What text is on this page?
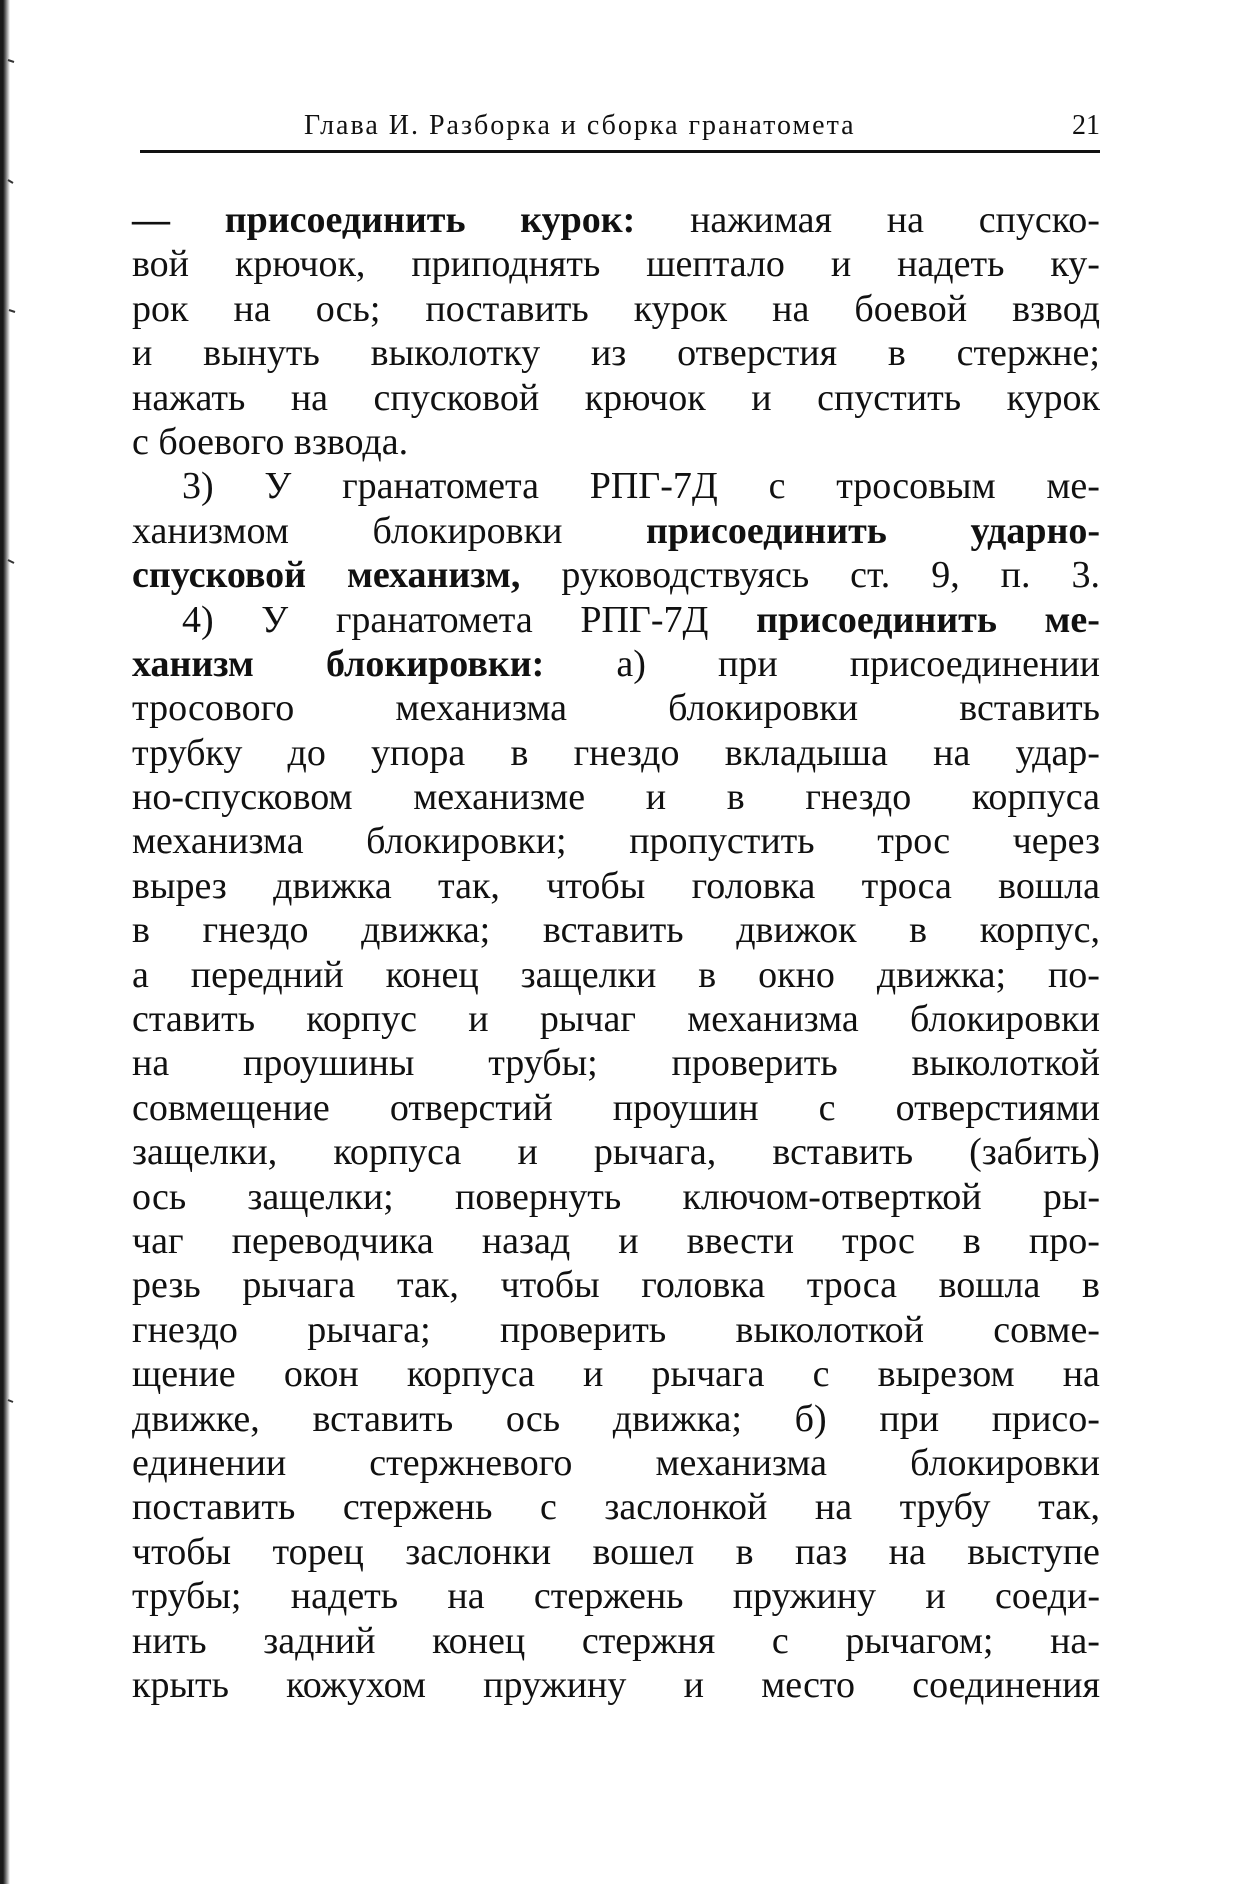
Глава И. Разборка и сборка гранатомета	21
— присоединить курок: нажимая на спуско-
вой крючок, приподнять шептало и надеть ку-
рок на ось; поставить курок на боевой взвод
и вынуть выколотку из отверстия в стержне;
нажать на спусковой крючок и спустить курок
с боевого взвода.
3) У гранатомета РПГ-7Д с тросовым ме-
ханизмом блокировки присоединить ударно-
спусковой механизм, руководствуясь ст. 9, п. 3.
4) У гранатомета РПГ-7Д присоединить ме-
ханизм блокировки: а) при присоединении
тросового	механизма	блокировки	вставить
трубку до упора в гнездо вкладыша на удар-
но-спусковом механизме и в гнездо корпуса
механизма блокировки; пропустить трос через
вырез движка так, чтобы головка троса вошла
в гнездо движка; вставить движок в корпус,
а передний конец защелки в окно движка; по-
ставить корпус и рычаг механизма блокировки
на проушины трубы; проверить выколоткой
совмещение отверстий проушин с отверстиями
защелки, корпуса и рычага, вставить (забить)
ось защелки; повернуть ключом-отверткой ры-
чаг переводчика назад и ввести трос в про-
резь рычага так, чтобы головка троса вошла в
гнездо рычага; проверить выколоткой совме-
щение окон корпуса и рычага с вырезом на
движке, вставить ось движка; б) при присо-
единении стержневого механизма блокировки
поставить стержень с заслонкой на трубу так,
чтобы торец заслонки вошел в паз на выступе
трубы; надеть на стержень пружину и соеди-
нить задний конец стержня с рычагом; на-
крыть кожухом пружину и место соединения
